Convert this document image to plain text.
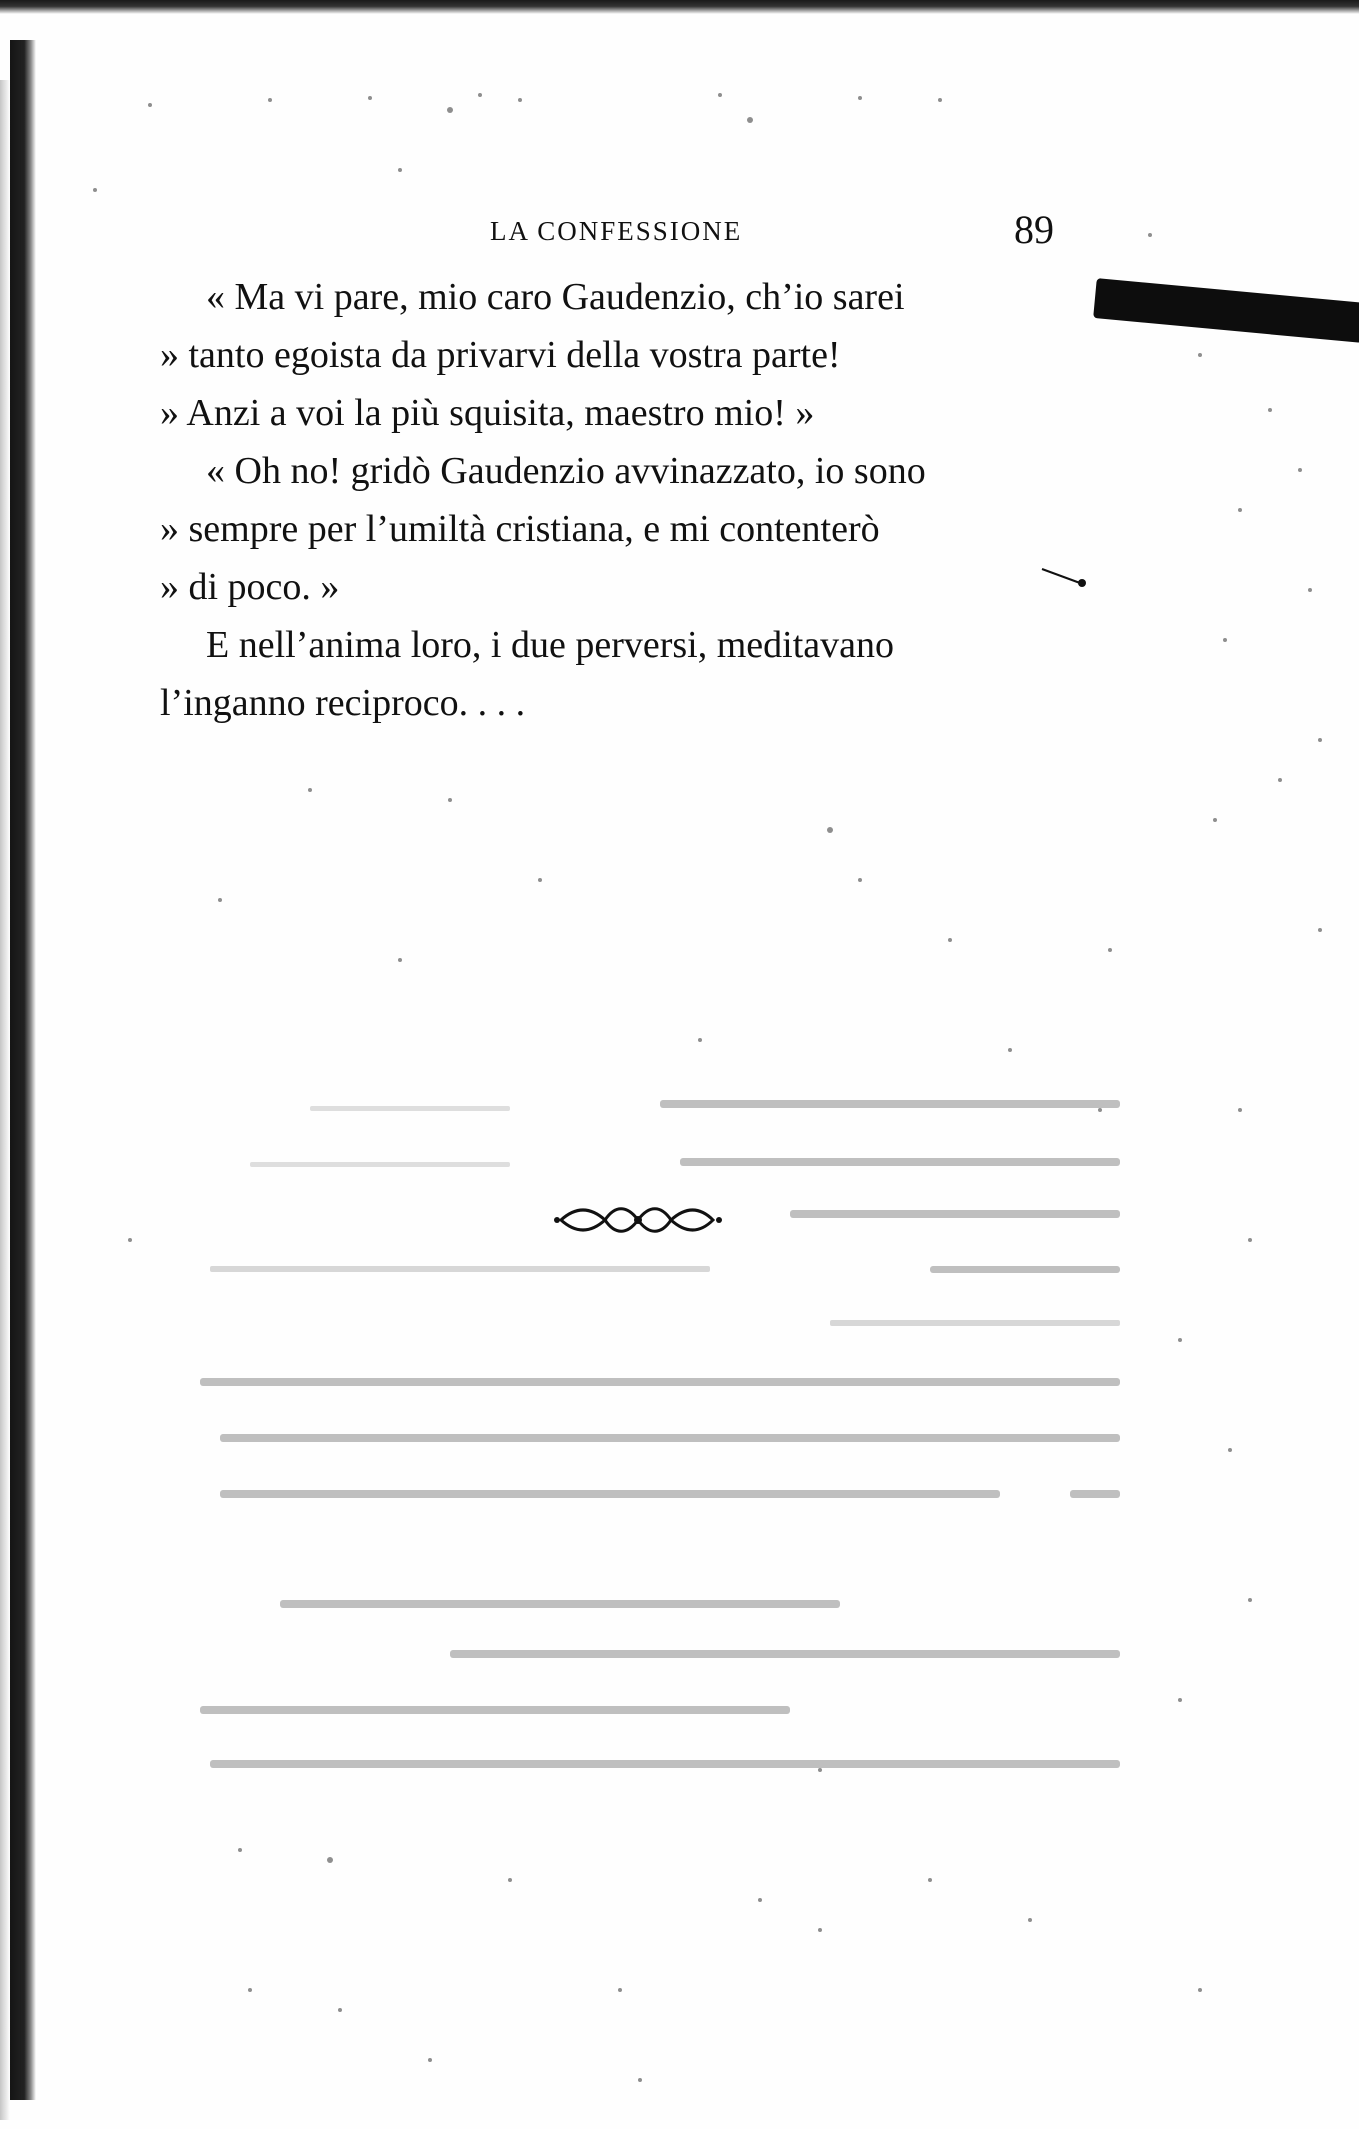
LA CONFESSIONE	89
« Ma vi pare, mio caro Gaudenzio, ch’io sarei
» tanto egoista da privarvi della vostra parte!
» Anzi a voi la più squisita, maestro mio! »
« Oh no! gridò Gaudenzio avvinazzato, io sono
» sempre per l’umiltà cristiana, e mi contenterò
» di poco. »
E nell’anima loro, i due perversi, meditavano
l’inganno reciproco. . . .
